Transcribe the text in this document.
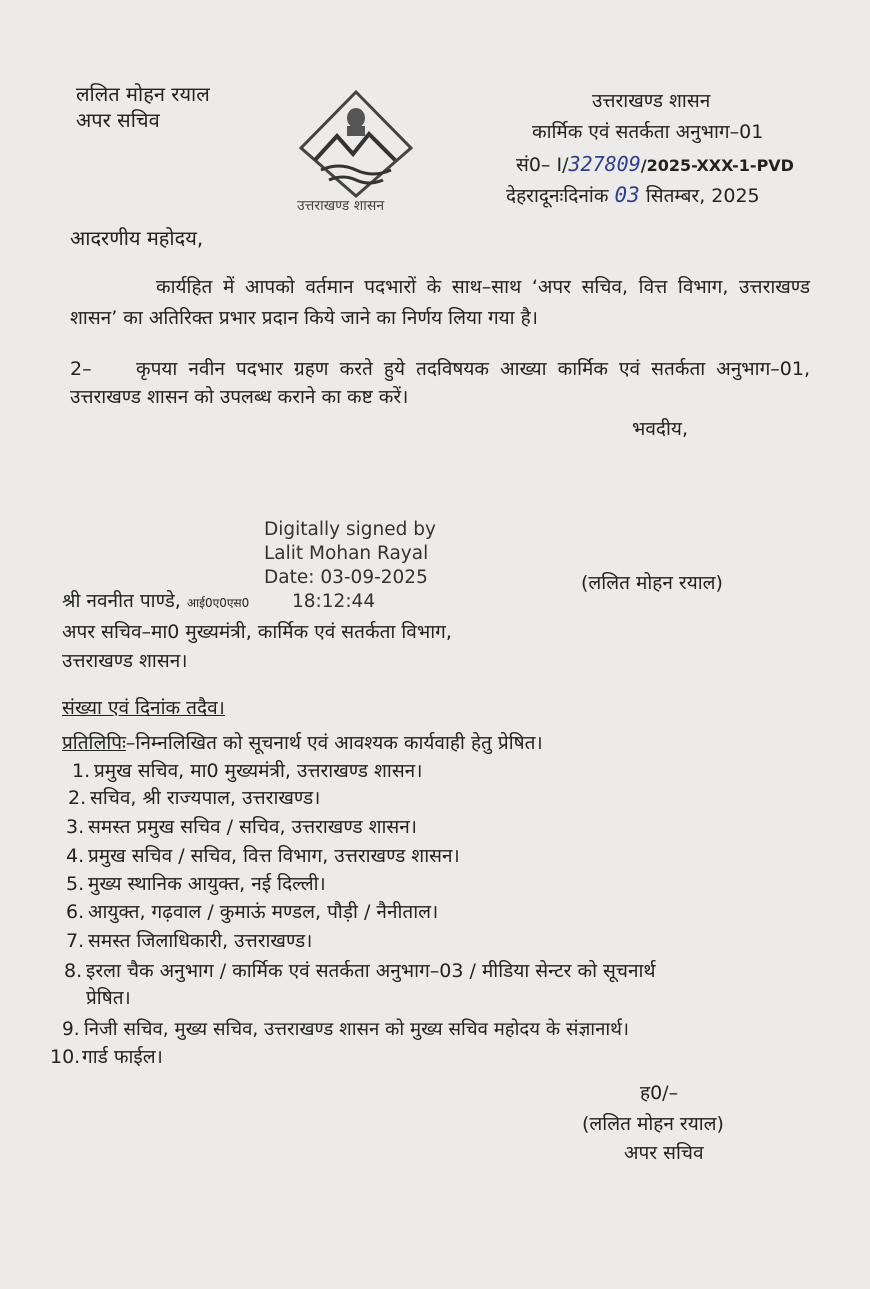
ललित मोहन रयाल
अपर सचिव
उत्तराखण्ड शासन
उत्तराखण्ड शासन
कार्मिक एवं सतर्कता अनुभाग–01
सं0– I/327809/2025-XXX-1-PVD
देहरादूनःदिनांक 03 सितम्बर, 2025
आदरणीय महोदय,
कार्यहित में आपको वर्तमान पदभारों के साथ–साथ ‘अपर सचिव, वित्त विभाग, उत्तराखण्ड शासन’ का अतिरिक्त प्रभार प्रदान किये जाने का निर्णय लिया गया है।
2– कृपया नवीन पदभार ग्रहण करते हुये तदविषयक आख्या कार्मिक एवं सतर्कता अनुभाग–01, उत्तराखण्ड शासन को उपलब्ध कराने का कष्ट करें।
भवदीय,
Digitally signed by
Lalit Mohan Rayal
Date: 03-09-2025
18:12:44
(ललित मोहन रयाल)
श्री नवनीत पाण्डे, आई0ए0एस0
अपर सचिव–मा0 मुख्यमंत्री, कार्मिक एवं सतर्कता विभाग,
उत्तराखण्ड शासन।
संख्या एवं दिनांक तदैव।
प्रतिलिपिः–निम्नलिखित को सूचनार्थ एवं आवश्यक कार्यवाही हेतु प्रेषित।
1. प्रमुख सचिव, मा0 मुख्यमंत्री, उत्तराखण्ड शासन।
2. सचिव, श्री राज्यपाल, उत्तराखण्ड।
3. समस्त प्रमुख सचिव / सचिव, उत्तराखण्ड शासन।
4. प्रमुख सचिव / सचिव, वित्त विभाग, उत्तराखण्ड शासन।
5. मुख्य स्थानिक आयुक्त, नई दिल्ली।
6. आयुक्त, गढ़वाल / कुमाऊं मण्डल, पौड़ी / नैनीताल।
7. समस्त जिलाधिकारी, उत्तराखण्ड।
8. इरला चैक अनुभाग / कार्मिक एवं सतर्कता अनुभाग–03 / मीडिया सेन्टर को सूचनार्थ
प्रेषित।
9. निजी सचिव, मुख्य सचिव, उत्तराखण्ड शासन को मुख्य सचिव महोदय के संज्ञानार्थ।
10.गार्ड फाईल।
ह0/–
(ललित मोहन रयाल)
अपर सचिव
